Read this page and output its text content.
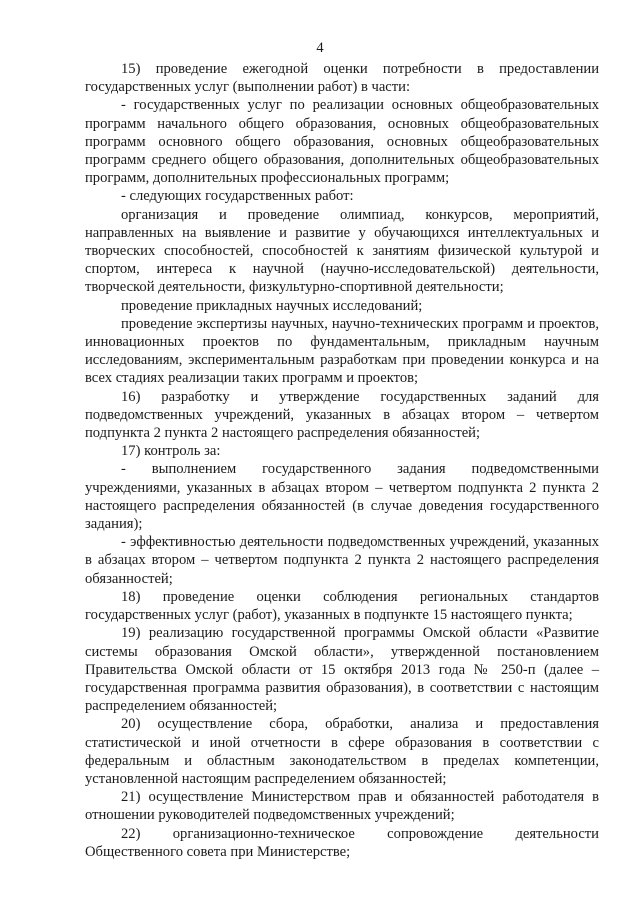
4

15) проведение ежегодной оценки потребности в предоставлении государственных услуг (выполнении работ) в части:

- государственных услуг по реализации основных общеобразовательных программ начального общего образования, основных общеобразовательных программ основного общего образования, основных общеобразовательных программ среднего общего образования, дополнительных общеобразовательных программ, дополнительных профессиональных программ;

- следующих государственных работ:

организация и проведение олимпиад, конкурсов, мероприятий, направленных на выявление и развитие у обучающихся интеллектуальных и творческих способностей, способностей к занятиям физической культурой и спортом, интереса к научной (научно-исследовательской) деятельности, творческой деятельности, физкультурно-спортивной деятельности;

проведение прикладных научных исследований;

проведение экспертизы научных, научно-технических программ и проектов, инновационных проектов по фундаментальным, прикладным научным исследованиям, экспериментальным разработкам при проведении конкурса и на всех стадиях реализации таких программ и проектов;

16) разработку и утверждение государственных заданий для подведомственных учреждений, указанных в абзацах втором – четвертом подпункта 2 пункта 2 настоящего распределения обязанностей;

17) контроль за:

- выполнением государственного задания подведомственными учреждениями, указанных в абзацах втором – четвертом подпункта 2 пункта 2 настоящего распределения обязанностей (в случае доведения государственного задания);

- эффективностью деятельности подведомственных учреждений, указанных в абзацах втором – четвертом подпункта 2 пункта 2 настоящего распределения обязанностей;

18) проведение оценки соблюдения региональных стандартов государственных услуг (работ), указанных в подпункте 15 настоящего пункта;

19) реализацию государственной программы Омской области «Развитие системы образования Омской области», утвержденной постановлением Правительства Омской области от 15 октября 2013 года № 250-п (далее – государственная программа развития образования), в соответствии с настоящим распределением обязанностей;

20) осуществление сбора, обработки, анализа и предоставления статистической и иной отчетности в сфере образования в соответствии с федеральным и областным законодательством в пределах компетенции, установленной настоящим распределением обязанностей;

21) осуществление Министерством прав и обязанностей работодателя в отношении руководителей подведомственных учреждений;

22) организационно-техническое сопровождение деятельности Общественного совета при Министерстве;
